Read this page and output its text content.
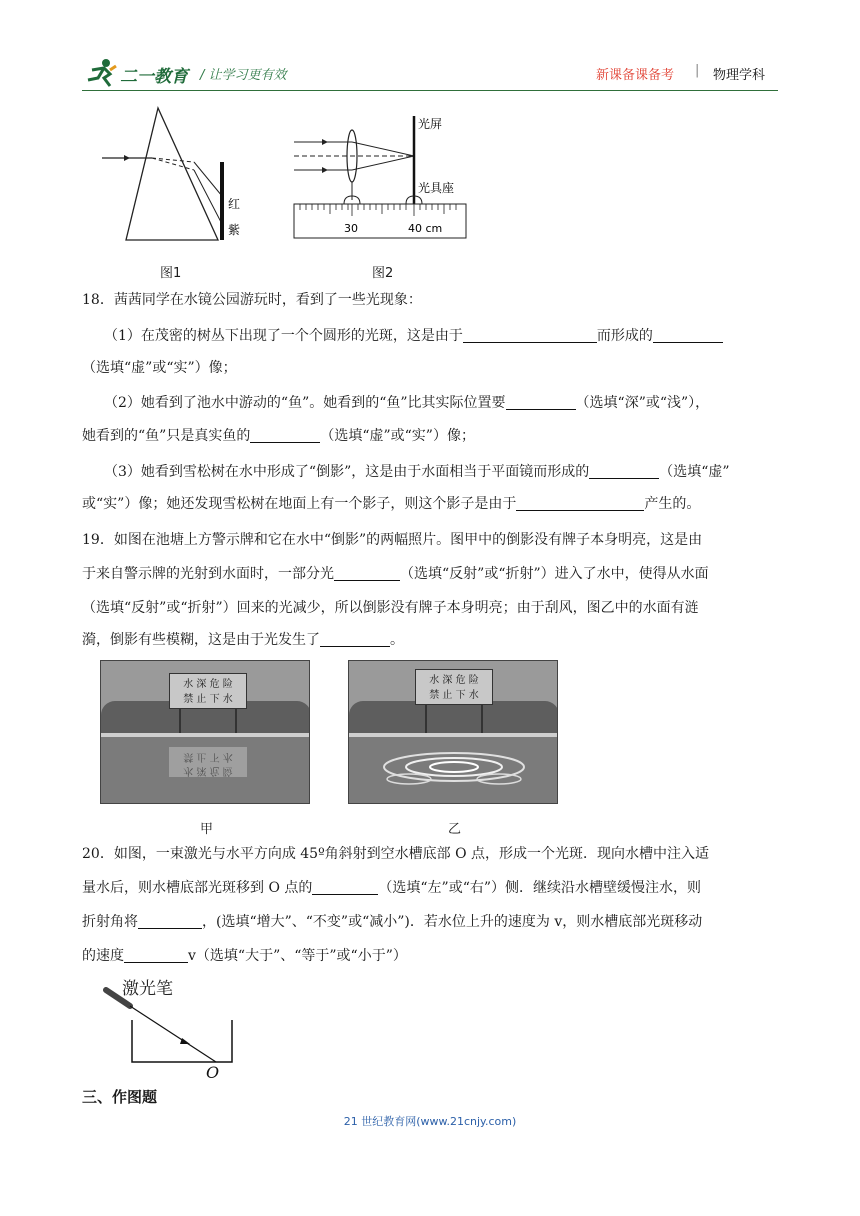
二一教育 / 让学习更有效	新课备课备考 | 物理学科
红
紫
图1
光屏
光具座
30	40 cm
图2
18．茜茜同学在水镜公园游玩时，看到了一些光现象：
（1）在茂密的树丛下出现了一个个圆形的光斑，这是由于	而形成的
（选填“虚”或“实”）像；
（2）她看到了池水中游动的“鱼”。她看到的“鱼”比其实际位置要	（选填“深”或“浅”），
她看到的“鱼”只是真实鱼的	（选填“虚”或“实”）像；
（3）她看到雪松树在水中形成了“倒影”，这是由于水面相当于平面镜而形成的	（选填“虚”
或“实”）像；她还发现雪松树在地面上有一个影子，则这个影子是由于	产生的。
19．如图在池塘上方警示牌和它在水中“倒影”的两幅照片。图甲中的倒影没有牌子本身明亮，这是由
于来自警示牌的光射到水面时，一部分光	（选填“反射”或“折射”）进入了水中，使得从水面
（选填“反射”或“折射”）回来的光减少，所以倒影没有牌子本身明亮；由于刮风，图乙中的水面有涟
漪，倒影有些模糊，这是由于光发生了	。
水 深 危 险
禁 止 下 水
水 深 危 险
禁 止 下 水
甲
水 深 危 险
禁 止 下 水
乙
20．如图，一束激光与水平方向成 45º角斜射到空水槽底部 O 点，形成一个光斑．现向水槽中注入适
量水后，则水槽底部光斑移到 O 点的	（选填“左”或“右”）侧．继续沿水槽壁缓慢注水，则
折射角将	，(选填“增大”、“不变”或“减小”)．若水位上升的速度为 v，则水槽底部光斑移动
的速度	v（选填“大于”、“等于”或“小于”）
激光笔
O
三、作图题
21 世纪教育网(www.21cnjy.com)
